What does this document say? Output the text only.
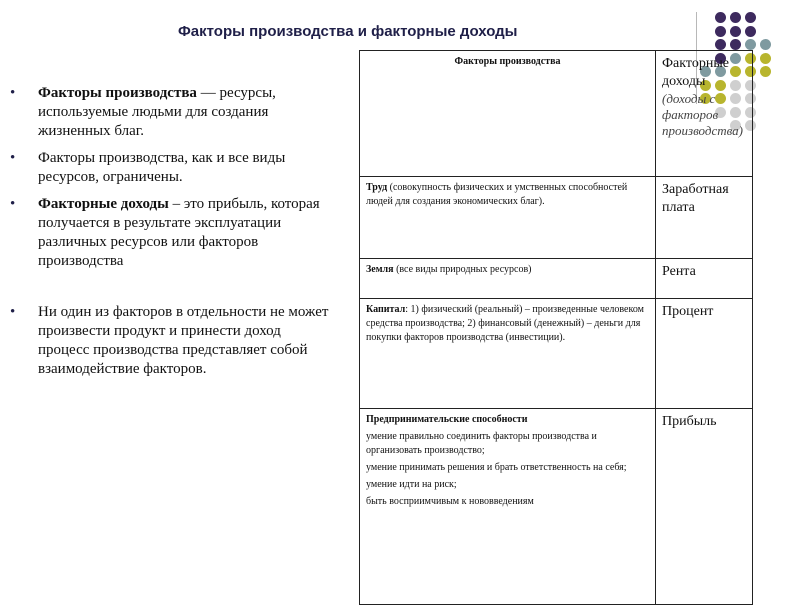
Факторы производства и факторные доходы
• Факторы производства — ресурсы, используемые людьми для создания жизненных благ.
• Факторы производства, как и все виды ресурсов, ограничены.
• Факторные доходы – это прибыль, которая получается в результате эксплуатации различных ресурсов или факторов производства
• Ни один из факторов в отдельности не может произвести продукт и принести доход процесс производства представляет собой взаимодействие факторов.
Факторы производства	Факторные доходы
(доходы с факторов производства)

Труд (совокупность физических и умственных способностей людей для создания экономических благ).	Заработная плата
Земля (все виды природных ресурсов)	Рента
Капитал: 1) физический (реальный) – произведенные человеком средства производства; 2) финансовый (денежный) – деньги для покупки факторов производства (инвестиции).	Процент

Предпринимательские способности
умение правильно соединить факторы производства и организовать производство;
умение принимать решения и брать ответственность на себя;
умение идти на риск;
быть восприимчивым к нововведениям	Прибыль
